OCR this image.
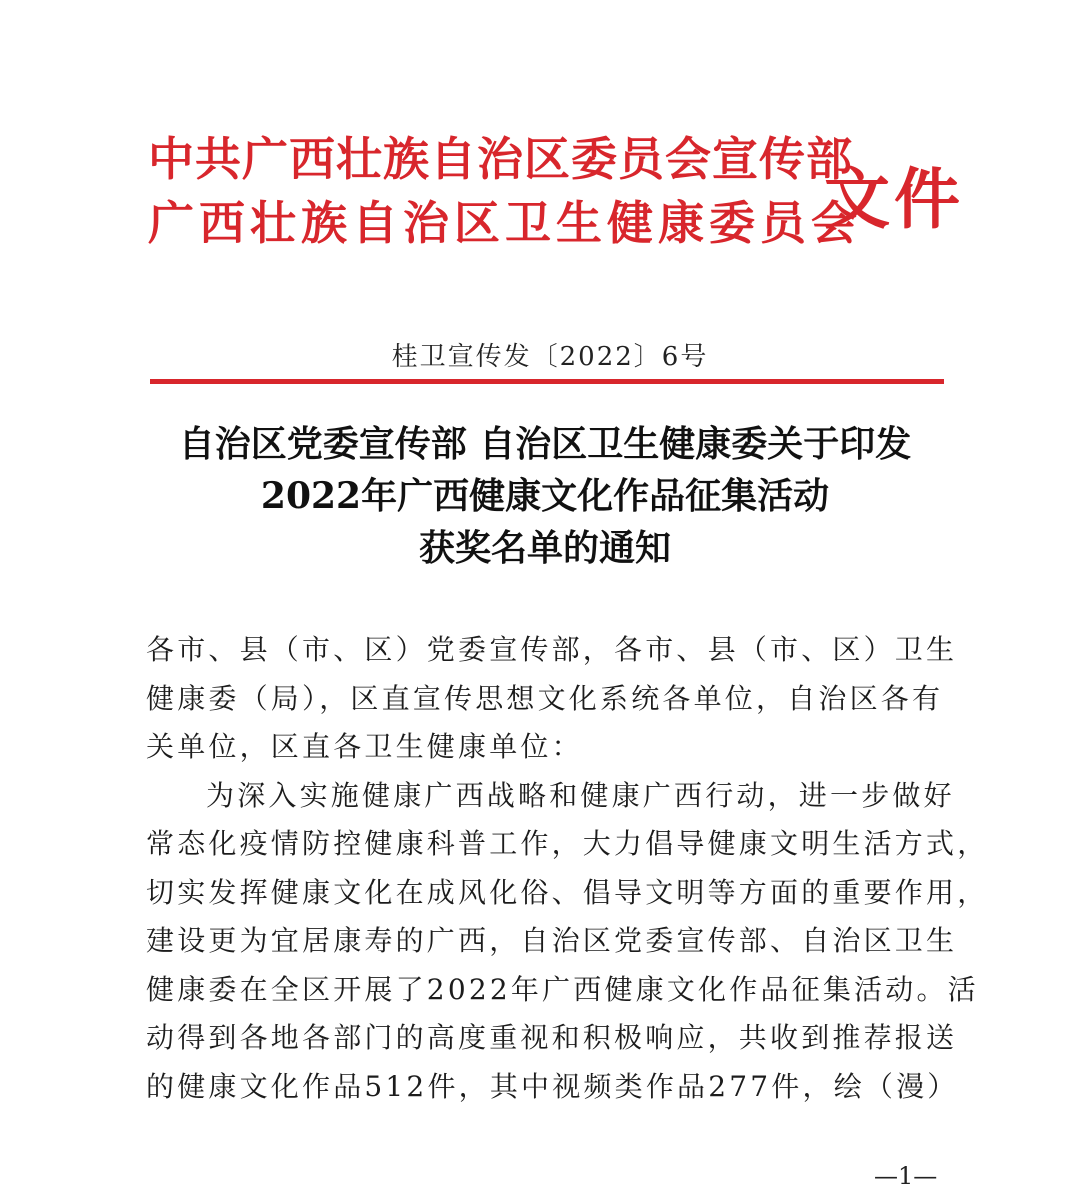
中共广西壮族自治区委员会宣传部
广西壮族自治区卫生健康委员会
文件
桂卫宣传发〔2022〕6号
自治区党委宣传部 自治区卫生健康委关于印发
2022年广西健康文化作品征集活动
获奖名单的通知
各市、县（市、区）党委宣传部，各市、县（市、区）卫生
健康委（局），区直宣传思想文化系统各单位，自治区各有
关单位，区直各卫生健康单位：
为深入实施健康广西战略和健康广西行动，进一步做好
常态化疫情防控健康科普工作，大力倡导健康文明生活方式，
切实发挥健康文化在成风化俗、倡导文明等方面的重要作用，
建设更为宜居康寿的广西，自治区党委宣传部、自治区卫生
健康委在全区开展了2022年广西健康文化作品征集活动。活
动得到各地各部门的高度重视和积极响应，共收到推荐报送
的健康文化作品512件，其中视频类作品277件，绘（漫）
—1—
